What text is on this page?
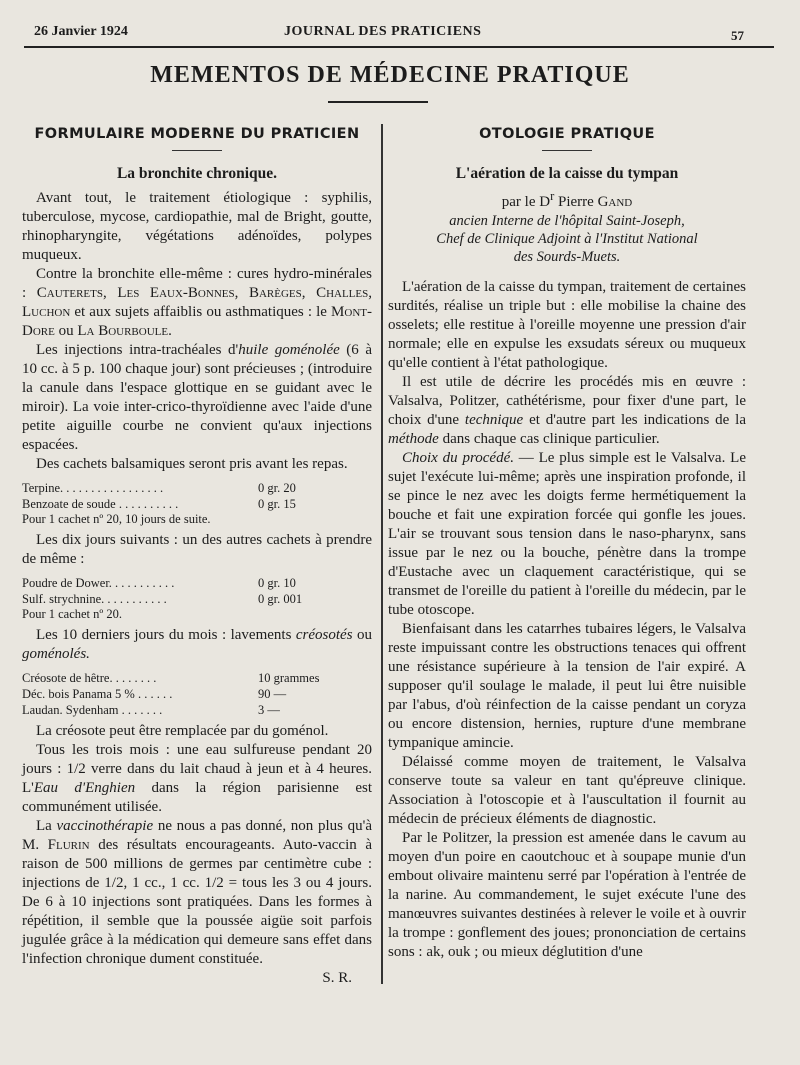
26 Janvier 1924	JOURNAL DES PRATICIENS	57
MEMENTOS DE MÉDECINE PRATIQUE
FORMULAIRE MODERNE DU PRATICIEN
La bronchite chronique.

Avant tout, le traitement étiologique : syphilis, tuberculose, mycose, cardiopathie, mal de Bright, goutte, rhinopharyngite, végétations adénoïdes, polypes muqueux.

Contre la bronchite elle-même : cures hydro-minérales : Cauterets, Les Eaux-Bonnes, Barèges, Challes, Luchon et aux sujets affaiblis ou asthmatiques : le Mont-Dore ou La Bourboule.

Les injections intra-trachéales d'huile goménolée (6 à 10 cc. à 5 p. 100 chaque jour) sont précieuses ; (introduire la canule dans l'espace glottique en se guidant avec le miroir). La voie inter-crico-thyroïdienne avec l'aide d'une petite aiguille courbe ne convient qu'aux injections espacées.

Des cachets balsamiques seront pris avant les repas.

Terpine. . . . . . . . . . . . . . . . .	0 gr. 20
Benzoate de soude . . . . . . . . . .	0 gr. 15
Pour 1 cachet nº 20, 10 jours de suite.

Les dix jours suivants : un des autres cachets à prendre de même :

Poudre de Dower. . . . . . . . . . .	0 gr. 10
Sulf. strychnine. . . . . . . . . . .	0 gr. 001
Pour 1 cachet nº 20.

Les 10 derniers jours du mois : lavements créosotés ou goménolés.

Créosote de hêtre. . . . . . . .	10 grammes
Déc. bois Panama 5 % . . . . . .	90 —
Laudan. Sydenham . . . . . . .	3 —

La créosote peut être remplacée par du goménol.

Tous les trois mois : une eau sulfureuse pendant 20 jours : 1/2 verre dans du lait chaud à jeun et à 4 heures. L'Eau d'Enghien dans la région parisienne est communément utilisée.

La vaccinothérapie ne nous a pas donné, non plus qu'à M. Flurin des résultats encourageants. Auto-vaccin à raison de 500 millions de germes par centimètre cube : injections de 1/2, 1 cc., 1 cc. 1/2 = tous les 3 ou 4 jours. De 6 à 10 injections sont pratiquées. Dans les formes à répétition, il semble que la poussée aigüe soit parfois jugulée grâce à la médication qui demeure sans effet dans l'infection chronique dument constituée.

S. R.
OTOLOGIE PRATIQUE
L'aération de la caisse du tympan
par le $D^r$ Pierre Gand
ancien Interne de l'hôpital Saint-Joseph,
Chef de Clinique Adjoint à l'Institut National
des Sourds-Muets.

L'aération de la caisse du tympan, traitement de certaines surdités, réalise un triple but : elle mobilise la chaine des osselets; elle restitue à l'oreille moyenne une pression d'air normale; elle en expulse les exsudats séreux ou muqueux qu'elle contient à l'état pathologique.

Il est utile de décrire les procédés mis en œuvre : Valsalva, Politzer, cathétérisme, pour fixer d'une part, le choix d'une technique et d'autre part les indications de la méthode dans chaque cas clinique particulier.

Choix du procédé. — Le plus simple est le Valsalva. Le sujet l'exécute lui-même; après une inspiration profonde, il se pince le nez avec les doigts ferme hermétiquement la bouche et fait une expiration forcée qui gonfle les joues. L'air se trouvant sous tension dans le naso-pharynx, sans issue par le nez ou la bouche, pénètre dans la trompe d'Eustache avec un claquement caractéristique, qui se transmet de l'oreille du patient à l'oreille du médecin, par le tube otoscope.

Bienfaisant dans les catarrhes tubaires légers, le Valsalva reste impuissant contre les obstructions tenaces qui offrent une résistance supérieure à la tension de l'air expiré. A supposer qu'il soulage le malade, il peut lui être nuisible par l'abus, d'où réinfection de la caisse pendant un coryza ou encore distension, hernies, rupture d'une membrane tympanique amincie.

Délaissé comme moyen de traitement, le Valsalva conserve toute sa valeur en tant qu'épreuve clinique. Association à l'otoscopie et à l'auscultation il fournit au médecin de précieux éléments de diagnostic.

Par le Politzer, la pression est amenée dans le cavum au moyen d'un poire en caoutchouc et à soupape munie d'un embout olivaire maintenu serré par l'opération à l'entrée de la narine. Au commandement, le sujet exécute l'une des manœuvres suivantes destinées à relever le voile et à ouvrir la trompe : gonflement des joues; prononciation de certains sons : ak, ouk ; ou mieux déglutition d'une
